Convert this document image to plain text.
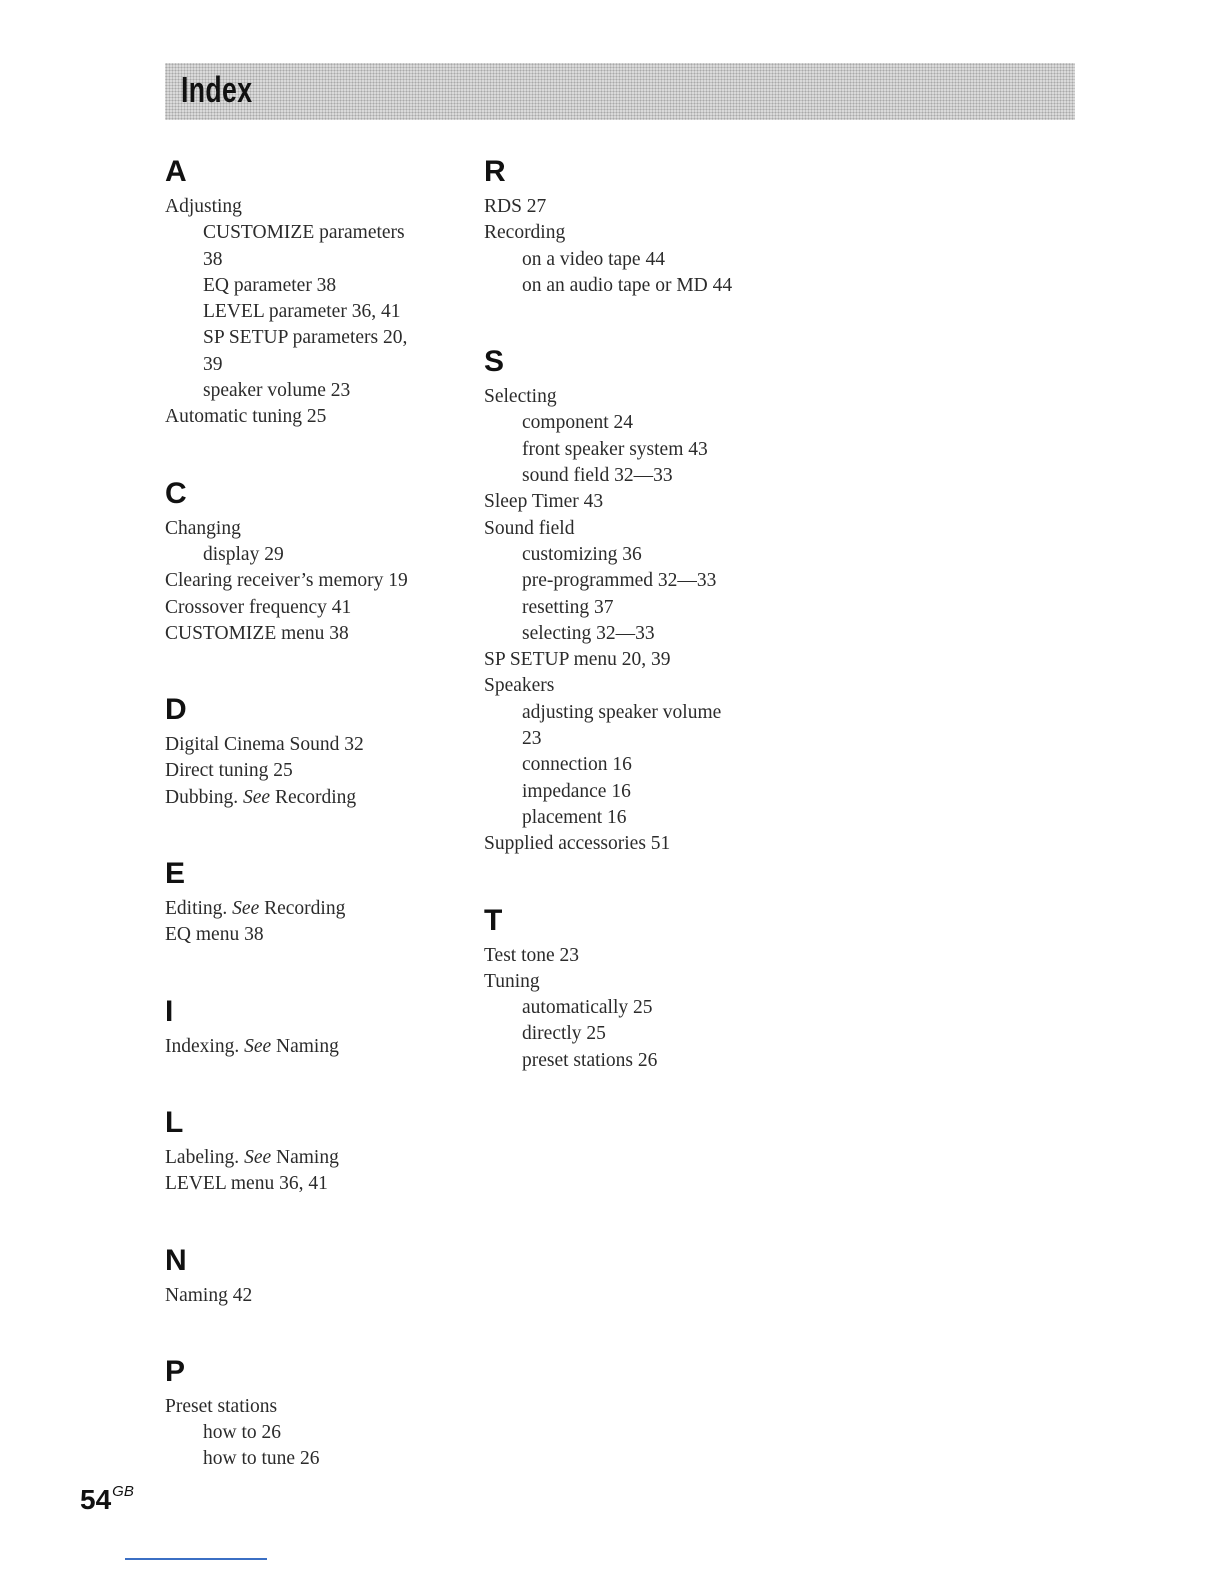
Index
A
Adjusting
CUSTOMIZE parameters
38
EQ parameter 38
LEVEL parameter 36, 41
SP SETUP parameters 20,
39
speaker volume 23
Automatic tuning 25
C
Changing
display 29
Clearing receiver’s memory 19
Crossover frequency 41
CUSTOMIZE menu 38
D
Digital Cinema Sound 32
Direct tuning 25
Dubbing. See Recording
E
Editing. See Recording
EQ menu 38
I
Indexing. See Naming
L
Labeling. See Naming
LEVEL menu 36, 41
N
Naming 42
P
Preset stations
how to 26
how to tune 26
R
RDS 27
Recording
on a video tape 44
on an audio tape or MD 44
S
Selecting
component 24
front speaker system 43
sound field 32—33
Sleep Timer 43
Sound field
customizing 36
pre-programmed 32—33
resetting 37
selecting 32—33
SP SETUP menu 20, 39
Speakers
adjusting speaker volume
23
connection 16
impedance 16
placement 16
Supplied accessories 51
T
Test tone 23
Tuning
automatically 25
directly 25
preset stations 26
$54^{GB}$
